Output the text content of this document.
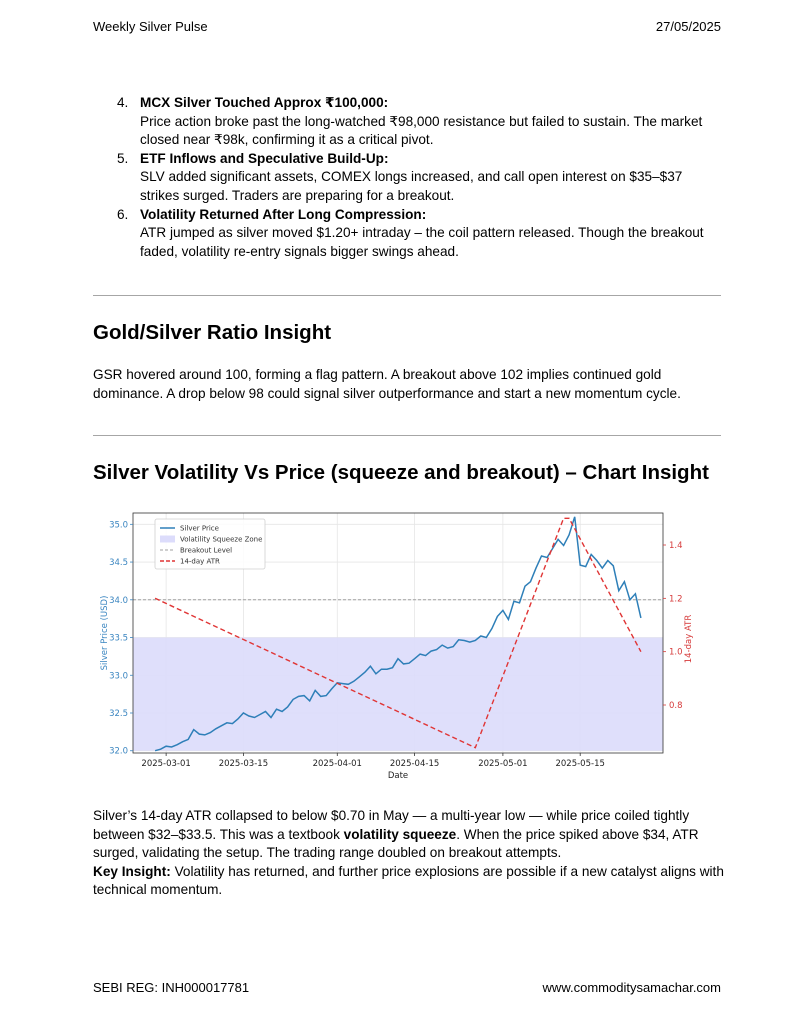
Weekly Silver Pulse	27/05/2025
4. MCX Silver Touched Approx ₹100,000:
Price action broke past the long-watched ₹98,000 resistance but failed to sustain. The market closed near ₹98k, confirming it as a critical pivot.
5. ETF Inflows and Speculative Build-Up:
SLV added significant assets, COMEX longs increased, and call open interest on $35–$37 strikes surged. Traders are preparing for a breakout.
6. Volatility Returned After Long Compression:
ATR jumped as silver moved $1.20+ intraday – the coil pattern released. Though the breakout faded, volatility re-entry signals bigger swings ahead.
Gold/Silver Ratio Insight

GSR hovered around 100, forming a flag pattern. A breakout above 102 implies continued gold dominance. A drop below 98 could signal silver outperformance and start a new momentum cycle.

Silver Volatility Vs Price (squeeze and breakout) – Chart Insight
32.0
32.5
33.0
33.5
34.0
34.5
35.0
0.8
1.0
1.2
1.4
2025-03-01	2025-03-15	2025-04-01	2025-04-15	2025-05-01	2025-05-15
Date
Silver Price (USD)	14-day ATR
Silver Price
Volatility Squeeze Zone
Breakout Level
14-day ATR

Silver’s 14-day ATR collapsed to below $0.70 in May — a multi-year low — while price coiled tightly between $32–$33.5. This was a textbook volatility squeeze. When the price spiked above $34, ATR surged, validating the setup. The trading range doubled on breakout attempts.
Key Insight: Volatility has returned, and further price explosions are possible if a new catalyst aligns with technical momentum.

SEBI REG: INH000017781	www.commoditysamachar.com
